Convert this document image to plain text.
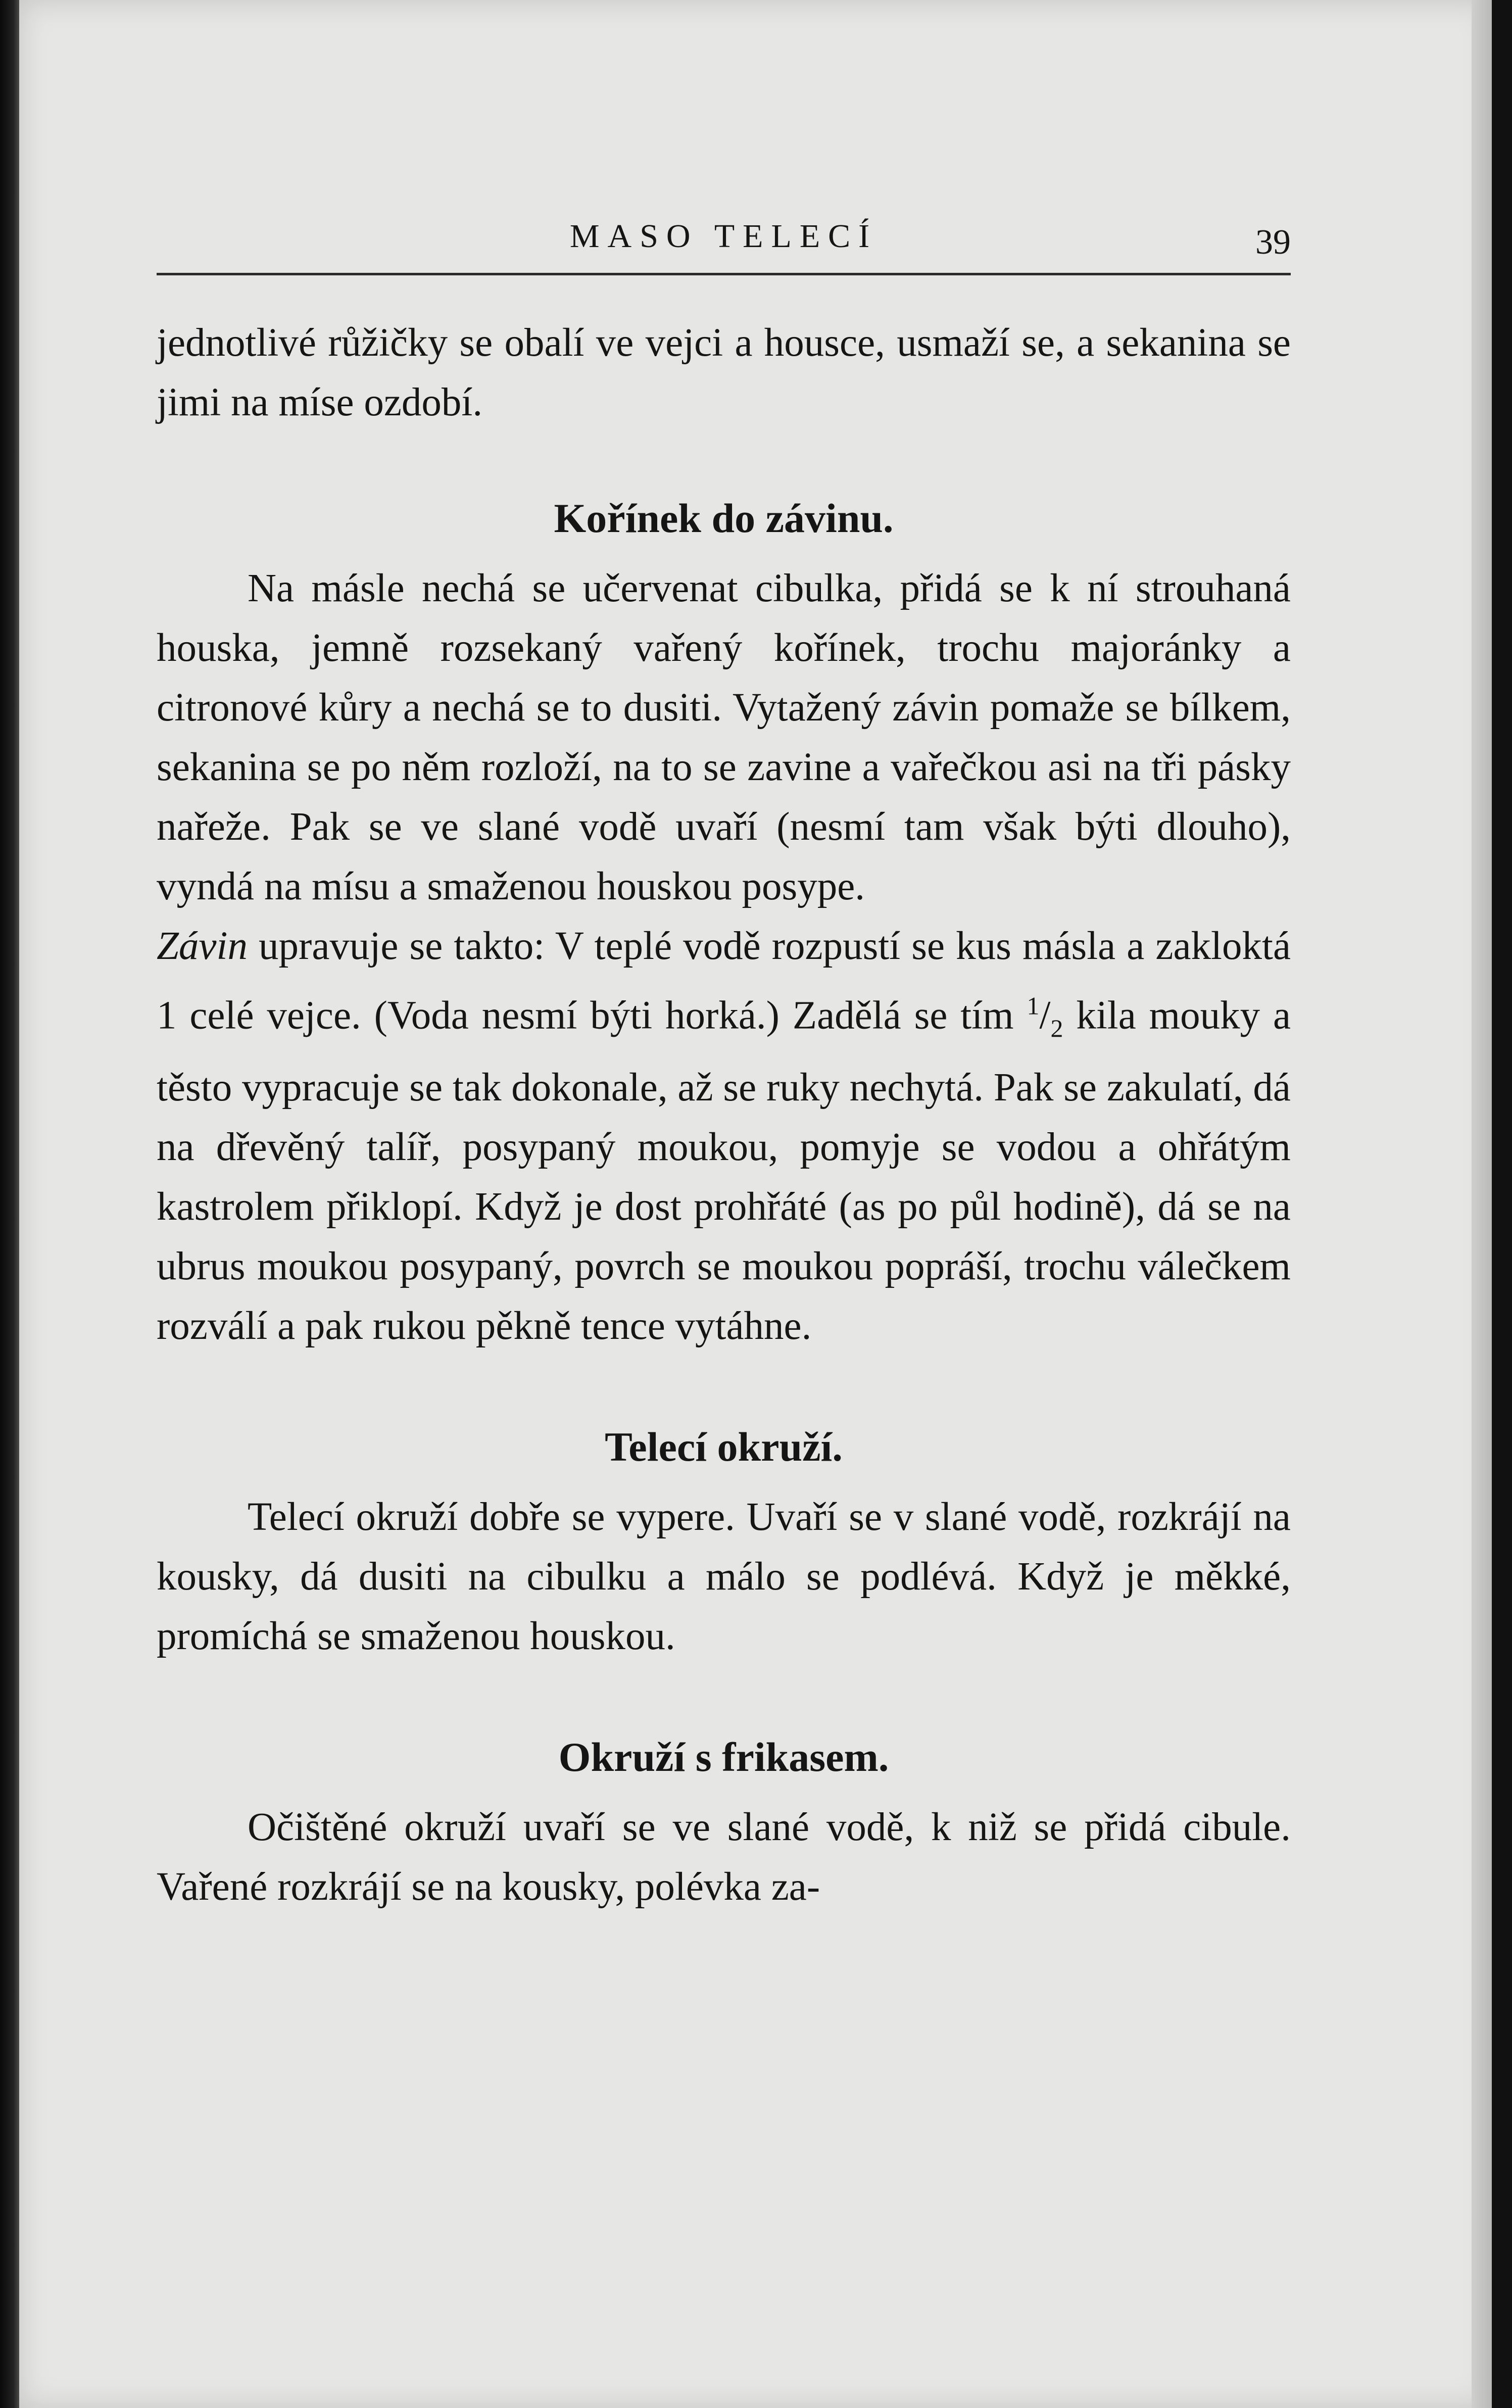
MASO TELECÍ	39

jednotlivé růžičky se obalí ve vejci a housce, usmaží se, a sekanina se jimi na míse ozdobí.

Kořínek do závinu.

Na másle nechá se učervenat cibulka, přidá se k ní strouhaná houska, jemně rozsekaný vařený kořínek, trochu majoránky a citronové kůry a nechá se to dusiti. Vytažený závin pomaže se bílkem, sekanina se po něm rozloží, na to se zavine a vařečkou asi na tři pásky nařeže. Pak se ve slané vodě uvaří (nesmí tam však býti dlouho), vyndá na mísu a smaženou houskou posype.

Závin upravuje se takto: V teplé vodě rozpustí se kus másla a zakloktá 1 celé vejce. (Voda nesmí býti horká.) Zadělá se tím $^1/_2$ kila mouky a těsto vypracuje se tak dokonale, až se ruky nechytá. Pak se zakulatí, dá na dřevěný talíř, posypaný moukou, pomyje se vodou a ohřátým kastrolem přiklopí. Když je dost prohřáté (as po půl hodině), dá se na ubrus moukou posypaný, povrch se moukou popráší, trochu válečkem rozválí a pak rukou pěkně tence vytáhne.

Telecí okruží.

Telecí okruží dobře se vypere. Uvaří se v slané vodě, rozkrájí na kousky, dá dusiti na cibulku a málo se podlévá. Když je měkké, promíchá se smaženou houskou.

Okruží s frikasem.

Očištěné okruží uvaří se ve slané vodě, k niž se přidá cibule. Vařené rozkrájí se na kousky, polévka za-
